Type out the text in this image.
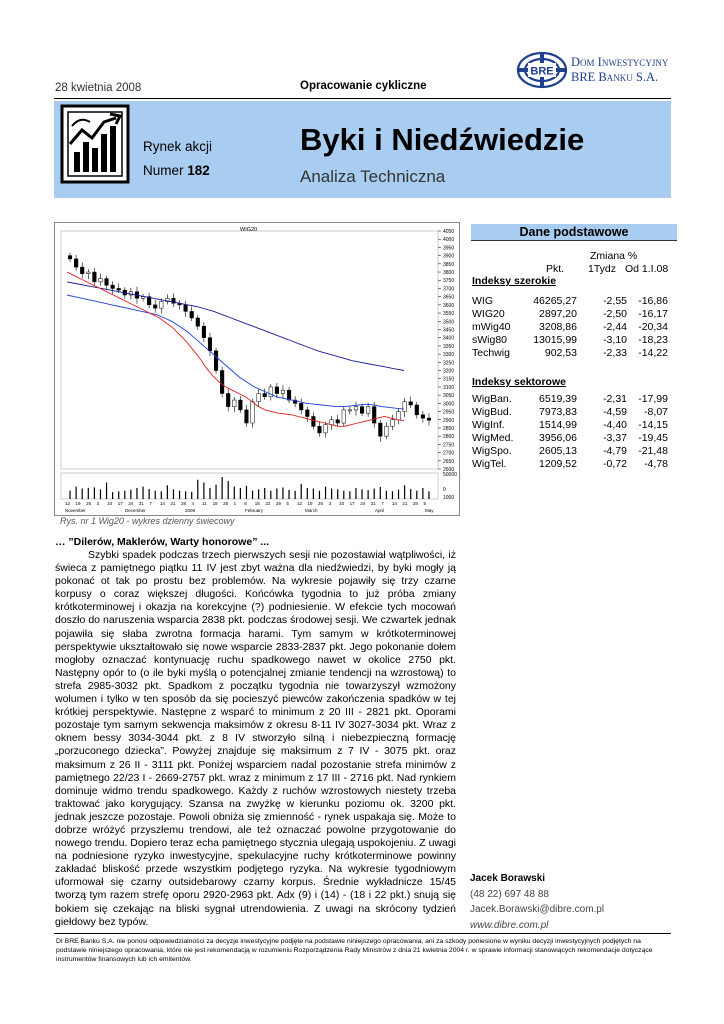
28 kwietnia 2008	Opracowanie cykliczne
BRE
Dom Inwestycyjny
BRE Banku S.A.
Rynek akcji
Numer 182
Byki i Niedźwiedzie
Analiza Techniczna
WIG20	4050
4000
3950
3900
3850
3800
3750
3700
3650
3600
3550
3500
3450
3400
3350
3300
3250
3200
3150
3100
3050
3000
2950
2900
2850
2800
2750
2700
2650
2600
50000
0
1000
12 19 26 3 10 17 24 31 7 14 21 28 4 11 18 25 1 8 15 22 29 5 12 19 26 3 10 17 24 31 7 14 21 28 5
November	December	2008	February	March	April	May
Rys. nr 1 Wig20 - wykres dzienny świecowy
Dane podstawowe
Zmiana %
Pkt. 1Tydz Od 1.I.08
Indeksy szerokie
WIG	46265,27 -2,55 -16,86
WIG20	2897,20 -2,50 -16,17
mWig40	3208,86 -2,44 -20,34
sWig80 13015,99 -3,10 -18,23
Techwig	902,53 -2,33 -14,22
Indeksy sektorowe
WigBan.	6519,39 -2,31 -17,99
WigBud.	7973,83 -4,59 -8,07
WigInf.	1514,99 -4,40 -14,15
WigMed. 3956,06 -3,37 -19,45
WigSpo.	2605,13 -4,79 -21,48
WigTel.	1209,52 -0,72 -4,78
… ”Dilerów, Maklerów, Warty honorowe” ...

Szybki spadek podczas trzech pierwszych sesji nie pozostawiał wątpliwości, iż świeca z pamiętnego piątku 11 IV jest zbyt ważna dla niedźwiedzi, by byki mogły ją pokonać ot tak po prostu bez problemów. Na wykresie pojawiły się trzy czarne korpusy o coraz większej długości. Końcówka tygodnia to już próba zmiany krótkoterminowej i okazja na korekcyjne (?) podniesienie. W efekcie tych mocowań doszło do naruszenia wsparcia 2838 pkt. podczas środowej sesji. We czwartek jednak pojawiła się słaba zwrotna formacja harami. Tym samym w krótkoterminowej perspektywie ukształtowało się nowe wsparcie 2833-2837 pkt. Jego pokonanie dołem mogłoby oznaczać kontynuację ruchu spadkowego nawet w okolice 2750 pkt. Następny opór to (o ile byki myślą o potencjalnej zmianie tendencji na wzrostową) to strefa 2985-3032 pkt. Spadkom z początku tygodnia nie towarzyszył wzmożony wolumen i tylko w ten sposób da się pocieszyć piewców zakończenia spadków w tej krótkiej perspektywie. Następne z wsparć to minimum z 20 III - 2821 pkt. Oporami pozostaje tym samym sekwencja maksimów z okresu 8-11 IV 3027-3034 pkt. Wraz z oknem bessy 3034-3044 pkt. z 8 IV stworzyło silną i niebezpieczną formację „porzuconego dziecka”. Powyżej znajduje się maksimum z 7 IV - 3075 pkt. oraz maksimum z 26 II - 3111 pkt. Poniżej wsparciem nadal pozostanie strefa minimów z pamiętnego 22/23 I - 2669-2757 pkt. wraz z minimum z 17 III - 2716 pkt. Nad rynkiem dominuje widmo trendu spadkowego. Każdy z ruchów wzrostowych niestety trzeba traktować jako korygujący. Szansa na zwyżkę w kierunku poziomu ok. 3200 pkt. jednak jeszcze pozostaje. Powoli obniża się zmienność - rynek uspakaja się. Może to dobrze wróżyć przyszłemu trendowi, ale też oznaczać powolne przygotowanie do nowego trendu. Dopiero teraz echa pamiętnego stycznia ulegają uspokojeniu. Z uwagi na podniesione ryzyko inwestycyjne, spekulacyjne ruchy krótkoterminowe powinny zakładać bliskość przede wszystkim podjętego ryzyka. Na wykresie tygodniowym uformował się czarny outsidebarowy czarny korpus. Średnie wykładnicze 15/45 tworzą tym razem strefę oporu 2920-2963 pkt. Adx (9) i (14) - (18 i 22 pkt.) snują się bokiem się czekając na bliski sygnał utrendowienia. Z uwagi na skrócony tydzień giełdowy bez typów.

Jacek Borawski
(48 22) 697 48 88
Jacek.Borawski@dibre.com.pl
www.dibre.com.pl
DI BRE Banku S.A. nie ponosi odpowiedzialności za decyzje inwestycyjne podjęte na podstawie niniejszego opracowania, ani za szkody poniesione w wyniku decyzji inwestycyjnych podjętych na podstawie niniejszego opracowania, które nie jest rekomendacją w rozumieniu Rozporządzenia Rady Ministrów z dnia 21 kwietnia 2004 r. w sprawie informacji stanowiących rekomendacje dotyczące instrumentów finansowych lub ich emitentów.
